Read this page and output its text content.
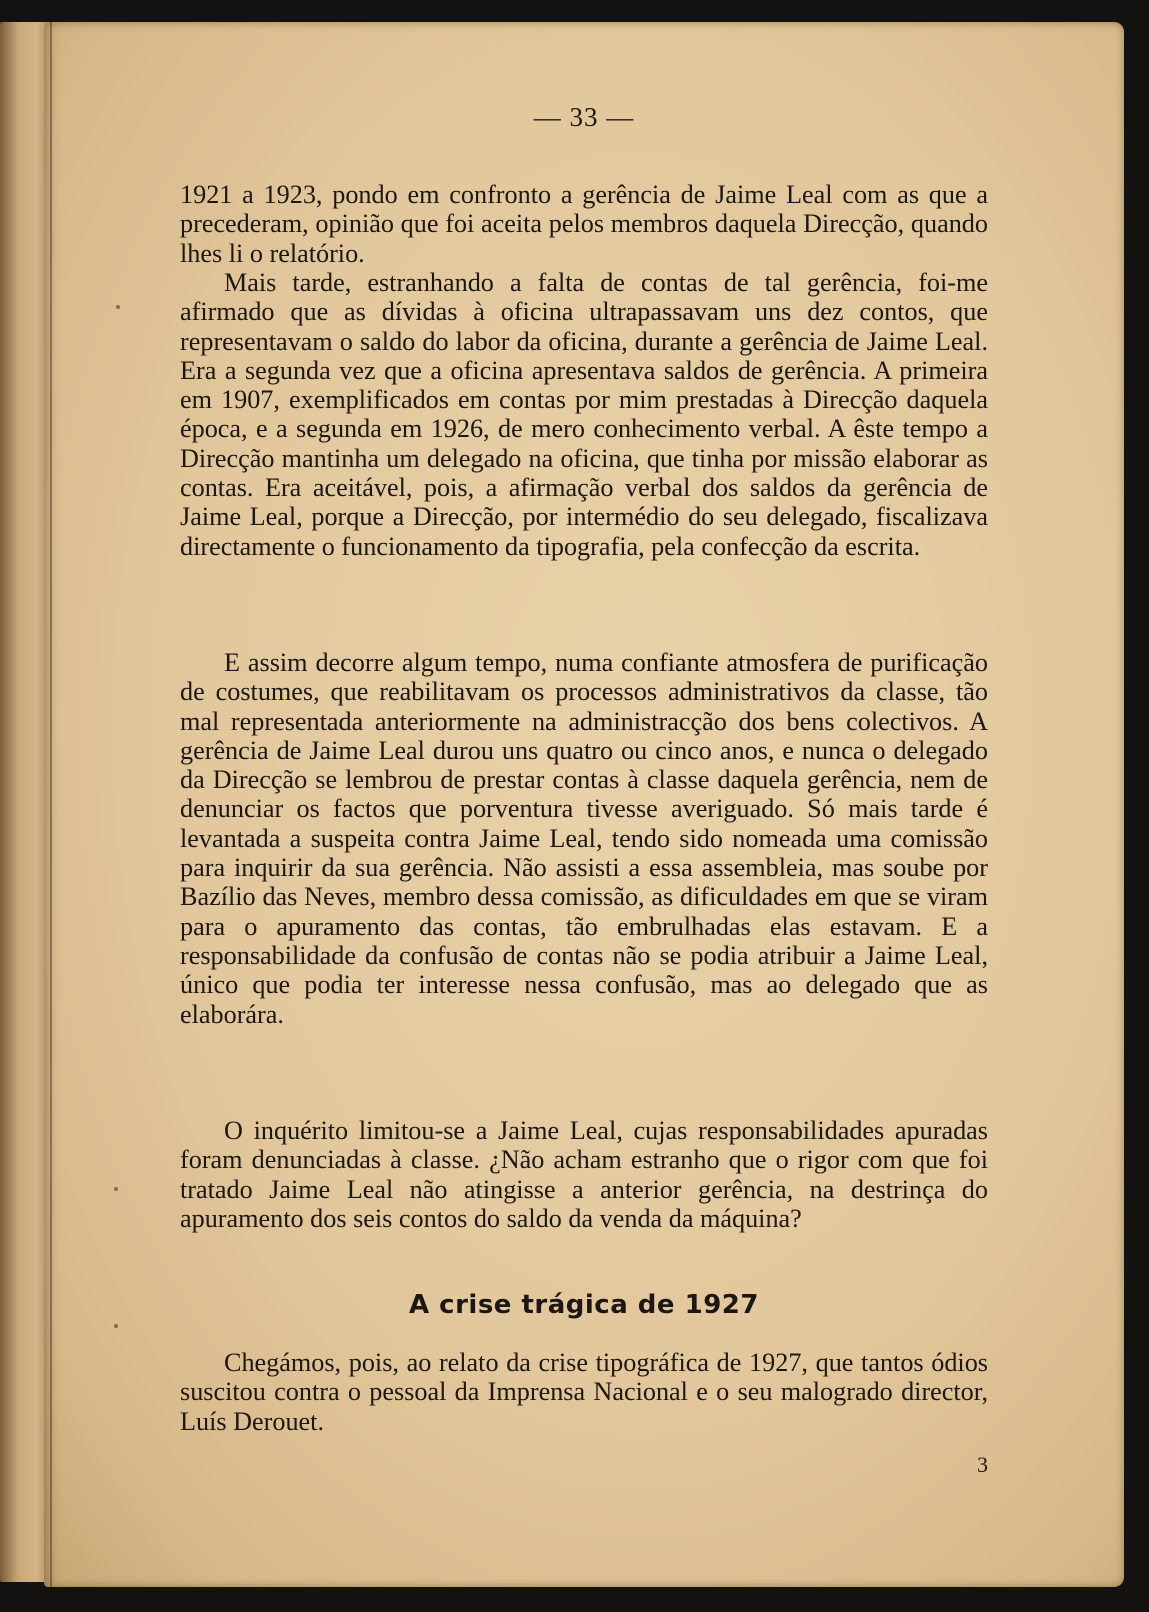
— 33 —

1921 a 1923, pondo em confronto a gerência de Jaime Leal com as que a precederam, opinião que foi aceita pelos membros daquela Direcção, quando lhes li o relatório.

Mais tarde, estranhando a falta de contas de tal gerência, foi-me afirmado que as dívidas à oficina ultrapassavam uns dez contos, que representavam o saldo do labor da oficina, durante a gerência de Jaime Leal. Era a segunda vez que a oficina apresentava saldos de gerência. A primeira em 1907, exemplificados em contas por mim prestadas à Direcção daquela época, e a segunda em 1926, de mero conhecimento verbal. A êste tempo a Direcção mantinha um delegado na oficina, que tinha por missão elaborar as contas. Era aceitável, pois, a afirmação verbal dos saldos da gerência de Jaime Leal, porque a Direcção, por intermédio do seu delegado, fiscalizava directamente o funcionamento da tipografia, pela confecção da escrita.

E assim decorre algum tempo, numa confiante atmosfera de purificação de costumes, que reabilitavam os processos administrativos da classe, tão mal representada anteriormente na administracção dos bens colectivos. A gerência de Jaime Leal durou uns quatro ou cinco anos, e nunca o delegado da Direcção se lembrou de prestar contas à classe daquela gerência, nem de denunciar os factos que porventura tivesse averiguado. Só mais tarde é levantada a suspeita contra Jaime Leal, tendo sido nomeada uma comissão para inquirir da sua gerência. Não assisti a essa assembleia, mas soube por Bazílio das Neves, membro dessa comissão, as dificuldades em que se viram para o apuramento das contas, tão embrulhadas elas estavam. E a responsabilidade da confusão de contas não se podia atribuir a Jaime Leal, único que podia ter interesse nessa confusão, mas ao delegado que as elaborára.

O inquérito limitou-se a Jaime Leal, cujas responsabilidades apuradas foram denunciadas à classe. ¿Não acham estranho que o rigor com que foi tratado Jaime Leal não atingisse a anterior gerência, na destrinça do apuramento dos seis contos do saldo da venda da máquina?

A crise trágica de 1927

Chegámos, pois, ao relato da crise tipográfica de 1927, que tantos ódios suscitou contra o pessoal da Imprensa Nacional e o seu malogrado director, Luís Derouet.

3
